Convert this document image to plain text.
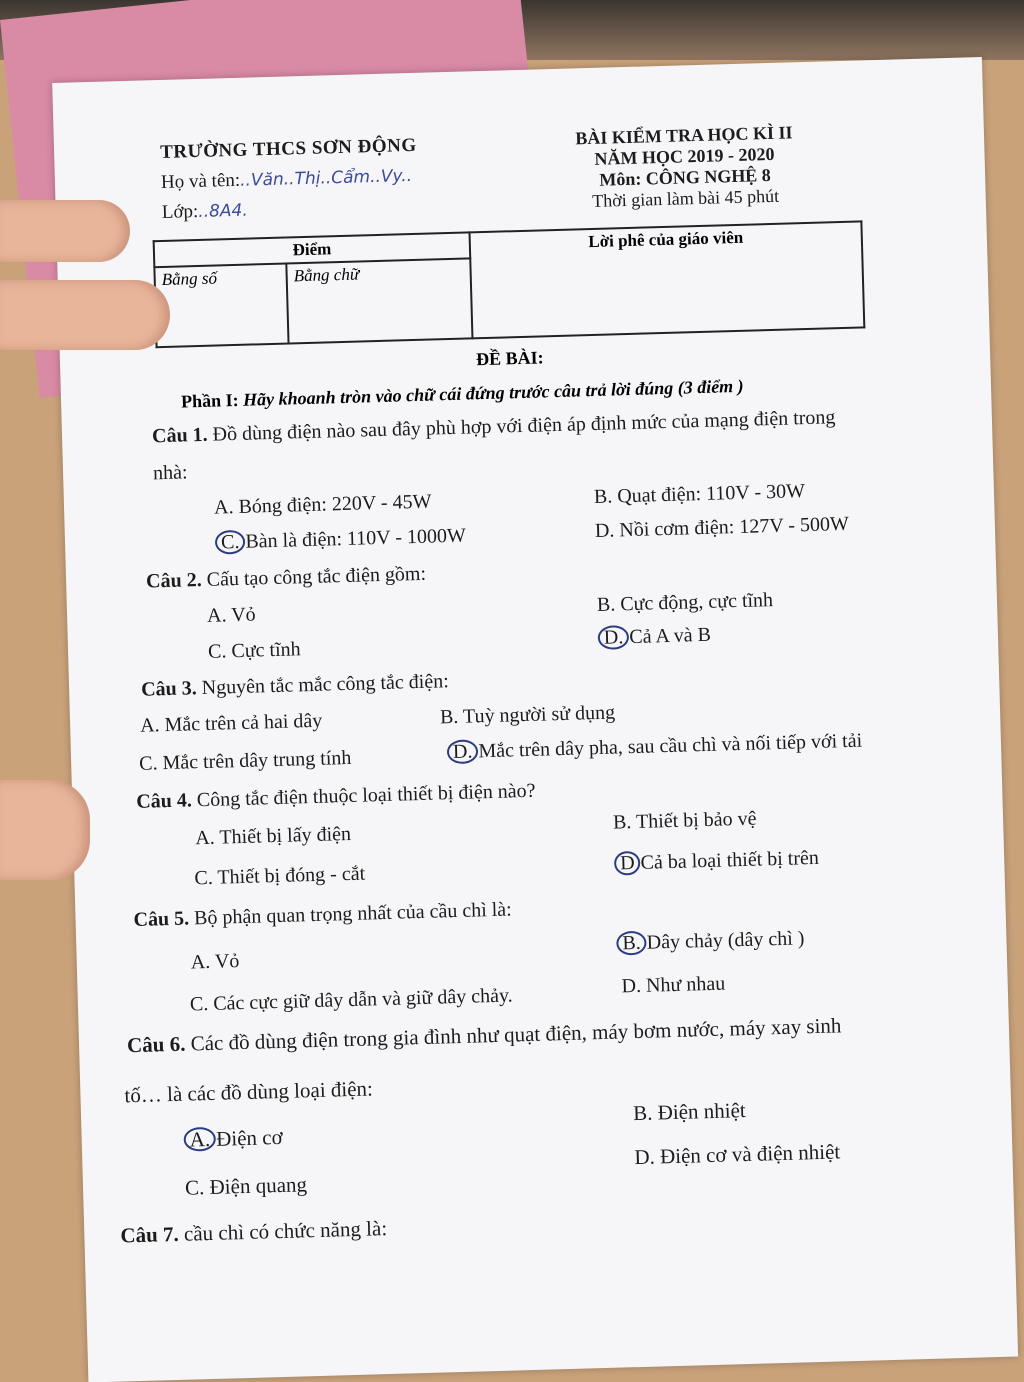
TRƯỜNG THCS SƠN ĐỘNG
Họ và tên:..Văn..Thị..Cẩm..Vy..
Lớp:..8A4.
BÀI KIỂM TRA HỌC KÌ II
NĂM HỌC 2019 - 2020
Môn: CÔNG NGHỆ 8
Thời gian làm bài 45 phút
Điểm		Lời phê của giáo viên
Bằng số	Bằng chữ	
ĐỀ BÀI:
Phần I: Hãy khoanh tròn vào chữ cái đứng trước câu trả lời đúng (3 điểm )
Câu 1. Đồ dùng điện nào sau đây phù hợp với điện áp định mức của mạng điện trong
nhà:
A. Bóng điện: 220V - 45W	B. Quạt điện: 110V - 30W
C. Bàn là điện: 110V - 1000W	D. Nồi cơm điện: 127V - 500W
Câu 2. Cấu tạo công tắc điện gồm:
A. Vỏ	B. Cực động, cực tĩnh
C. Cực tĩnh
D. Cả A và B
Câu 3. Nguyên tắc mắc công tắc điện:
A. Mắc trên cả hai dây	B. Tuỳ người sử dụng
C. Mắc trên dây trung tính	D. Mắc trên dây pha, sau cầu chì và nối tiếp với tải
Câu 4. Công tắc điện thuộc loại thiết bị điện nào?
A. Thiết bị lấy điện
B. Thiết bị bảo vệ
C. Thiết bị đóng - cắt	D Cả ba loại thiết bị trên
Câu 5. Bộ phận quan trọng nhất của cầu chì là:
A. Vỏ
B. Dây chảy (dây chì )
C. Các cực giữ dây dẫn và giữ dây chảy.	D. Như nhau
Câu 6. Các đồ dùng điện trong gia đình như quạt điện, máy bơm nước, máy xay sinh
tố… là các đồ dùng loại điện:
A. Điện cơ
B. Điện nhiệt
C. Điện quang
D. Điện cơ và điện nhiệt
Câu 7. cầu chì có chức năng là:
